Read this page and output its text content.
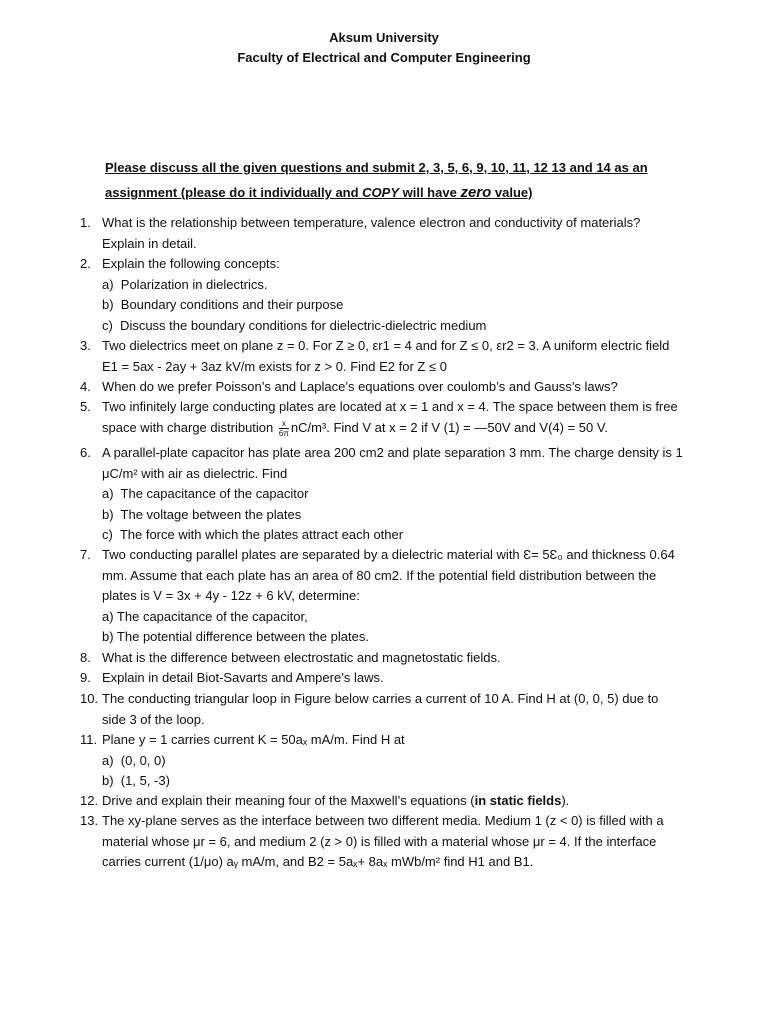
Aksum University
Faculty of Electrical and Computer Engineering
Please discuss all the given questions and submit 2, 3, 5, 6, 9, 10, 11, 12 13 and 14 as an
assignment (please do it individually and COPY will have zero value)
1. What is the relationship between temperature, valence electron and conductivity of materials?
Explain in detail.
2. Explain the following concepts:
a)  Polarization in dielectrics.
b)  Boundary conditions and their purpose
c)  Discuss the boundary conditions for dielectric-dielectric medium
3. Two dielectrics meet on plane z = 0. For Z ≥ 0, εr1 = 4 and for Z ≤ 0, εr2 = 3. A uniform electric field
E1 = 5ax - 2ay + 3az kV/m exists for z > 0. Find E2 for Z ≤ 0
4. When do we prefer Poisson’s and Laplace’s equations over coulomb’s and Gauss’s laws?
5. Two infinitely large conducting plates are located at x = 1 and x = 4. The space between them is free
space with charge distribution $\frac{x}{6\pi} nC/m^3$. Find V at x = 2 if V (1) = —50V and V(4) = 50 V.
6. A parallel-plate capacitor has plate area 200 cm2 and plate separation 3 mm. The charge density is 1
μC/m² with air as dielectric. Find
a)  The capacitance of the capacitor
b)  The voltage between the plates
c)  The force with which the plates attract each other
7. Two conducting parallel plates are separated by a dielectric material with Ɛ= 5Ɛ₀ and thickness 0.64
mm. Assume that each plate has an area of 80 cm2. If the potential field distribution between the
plates is V = 3x + 4y - 12z + 6 kV, determine:
a) The capacitance of the capacitor,
b) The potential difference between the plates.
8. What is the difference between electrostatic and magnetostatic fields.
9. Explain in detail Biot-Savarts and Ampere’s laws.
10. The conducting triangular loop in Figure below carries a current of 10 A. Find H at (0, 0, 5) due to
side 3 of the loop.
11. Plane y = 1 carries current K = 50aₓ mA/m. Find H at
a)  (0, 0, 0)
b)  (1, 5, -3)
12. Drive and explain their meaning four of the Maxwell’s equations (in static fields).
13. The xy-plane serves as the interface between two different media. Medium 1 (z < 0) is filled with a
material whose μr = 6, and medium 2 (z > 0) is filled with a material whose μr = 4. If the interface
carries current (1/μo) aᵧ mA/m, and B2 = 5aₓ+ 8aₓ mWb/m² find H1 and B1.
